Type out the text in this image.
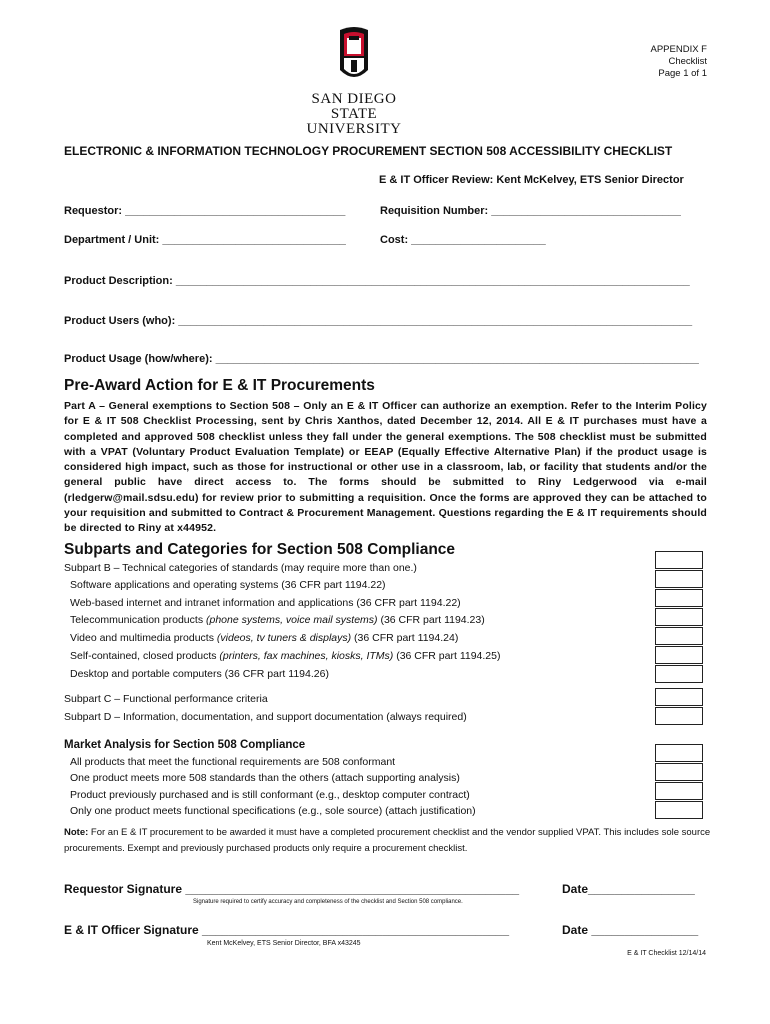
SAN DIEGO STATE
UNIVERSITY
APPENDIX F
Checklist
Page 1 of 1
ELECTRONIC & INFORMATION TECHNOLOGY PROCUREMENT SECTION 508 ACCESSIBILITY CHECKLIST
E & IT Officer Review: Kent McKelvey, ETS Senior Director
Requestor: ____________________________________	Requisition Number: _______________________________
Department / Unit: ______________________________	Cost: ______________________
Product Description: ____________________________________________________________________________________
Product Users (who): ____________________________________________________________________________________
Product Usage (how/where): _______________________________________________________________________________
Pre-Award Action for E & IT Procurements
Part A – General exemptions to Section 508 – Only an E & IT Officer can authorize an exemption. Refer to the Interim Policy for E & IT 508 Checklist Processing, sent by Chris Xanthos, dated December 12, 2014. All E & IT purchases must have a completed and approved 508 checklist unless they fall under the general exemptions. The 508 checklist must be submitted with a VPAT (Voluntary Product Evaluation Template) or EEAP (Equally Effective Alternative Plan) if the product usage is considered high impact, such as those for instructional or other use in a classroom, lab, or facility that students and/or the general public have direct access to. The forms should be submitted to Riny Ledgerwood via e-mail (rledgerw@mail.sdsu.edu) for review prior to submitting a requisition. Once the forms are approved they can be attached to your requisition and submitted to Contract & Procurement Management. Questions regarding the E & IT requirements should be directed to Riny at x44952.
Subparts and Categories for Section 508 Compliance
Subpart B – Technical categories of standards (may require more than one.)
Software applications and operating systems (36 CFR part 1194.22)
Web-based internet and intranet information and applications (36 CFR part 1194.22)
Telecommunication products (phone systems, voice mail systems) (36 CFR part 1194.23)
Video and multimedia products (videos, tv tuners & displays) (36 CFR part 1194.24)
Self-contained, closed products (printers, fax machines, kiosks, ITMs) (36 CFR part 1194.25)
Desktop and portable computers (36 CFR part 1194.26)
Subpart C – Functional performance criteria
Subpart D – Information, documentation, and support documentation (always required)
Market Analysis for Section 508 Compliance
All products that meet the functional requirements are 508 conformant
One product meets more 508 standards than the others (attach supporting analysis)
Product previously purchased and is still conformant (e.g., desktop computer contract)
Only one product meets functional specifications (e.g., sole source) (attach justification)
Note: For an E & IT procurement to be awarded it must have a completed procurement checklist and the vendor supplied VPAT. This includes sole source procurements. Exempt and previously purchased products only require a procurement checklist.
Requestor Signature __________________________________________________	Date________________
Signature required to certify accuracy and completeness of the checklist and Section 508 compliance.
E & IT Officer Signature ______________________________________________	Date ________________
Kent McKelvey, ETS Senior Director, BFA x43245
E & IT Checklist 12/14/14
